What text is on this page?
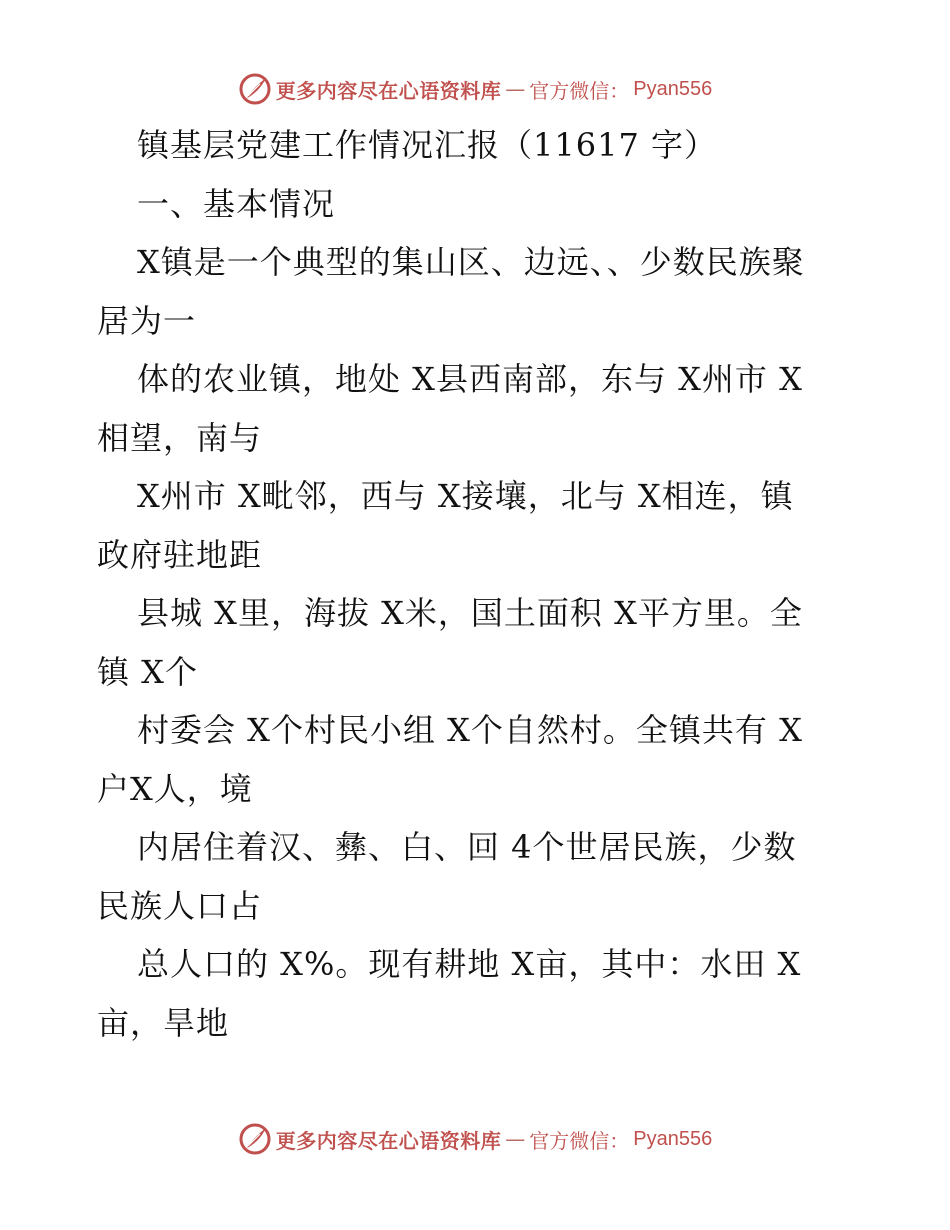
更多内容尽在心语资料库 — 官方微信： Pyan556
镇基层党建工作情况汇报（11617 字）
一、基本情况
X镇是一个典型的集山区、边远、、少数民族聚
居为一
体的农业镇，地处 X县西南部，东与 X州市 X
相望，南与
X州市 X毗邻，西与 X接壤，北与 X相连，镇
政府驻地距
县城 X里，海拔 X米，国土面积 X平方里。全
镇 X个
村委会 X个村民小组 X个自然村。全镇共有 X
户X人，境
内居住着汉、彝、白、回 4个世居民族，少数
民族人口占
总人口的 X%。现有耕地 X亩，其中：水田 X
亩，旱地
更多内容尽在心语资料库 — 官方微信： Pyan556
